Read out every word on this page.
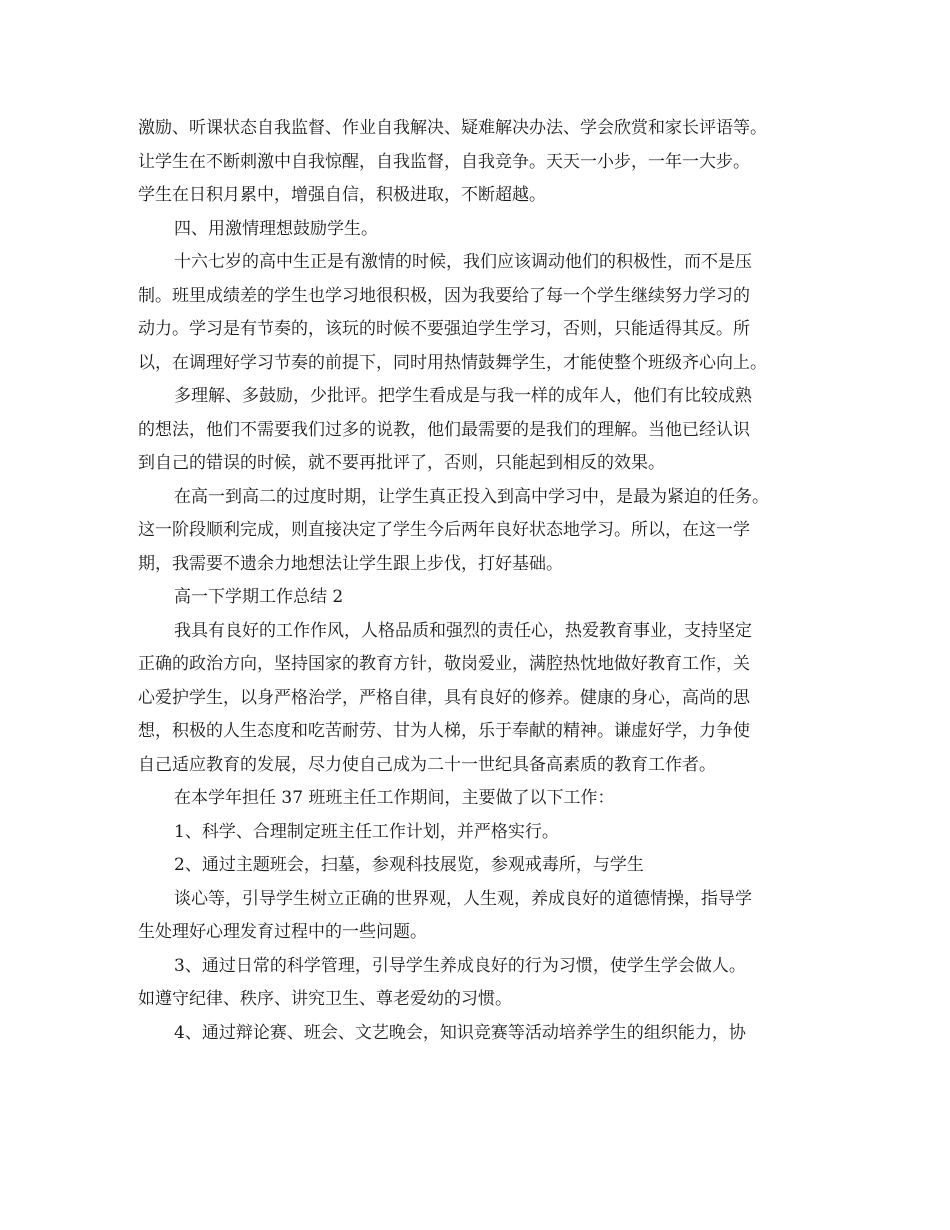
激励、听课状态自我监督、作业自我解决、疑难解决办法、学会欣赏和家长评语等。
让学生在不断刺激中自我惊醒，自我监督，自我竞争。天天一小步，一年一大步。
学生在日积月累中，增强自信，积极进取，不断超越。
四、用激情理想鼓励学生。
十六七岁的高中生正是有激情的时候，我们应该调动他们的积极性，而不是压
制。班里成绩差的学生也学习地很积极，因为我要给了每一个学生继续努力学习的
动力。学习是有节奏的，该玩的时候不要强迫学生学习，否则，只能适得其反。所
以，在调理好学习节奏的前提下，同时用热情鼓舞学生，才能使整个班级齐心向上。
多理解、多鼓励，少批评。把学生看成是与我一样的成年人，他们有比较成熟
的想法，他们不需要我们过多的说教，他们最需要的是我们的理解。当他已经认识
到自己的错误的时候，就不要再批评了，否则，只能起到相反的效果。
在高一到高二的过度时期，让学生真正投入到高中学习中，是最为紧迫的任务。
这一阶段顺利完成，则直接决定了学生今后两年良好状态地学习。所以，在这一学
期，我需要不遗余力地想法让学生跟上步伐，打好基础。
高一下学期工作总结 2
我具有良好的工作作风，人格品质和强烈的责任心，热爱教育事业，支持坚定
正确的政治方向，坚持国家的教育方针，敬岗爱业，满腔热忱地做好教育工作，关
心爱护学生，以身严格治学，严格自律，具有良好的修养。健康的身心，高尚的思
想，积极的人生态度和吃苦耐劳、甘为人梯，乐于奉献的精神。谦虚好学，力争使
自己适应教育的发展，尽力使自己成为二十一世纪具备高素质的教育工作者。
在本学年担任 37 班班主任工作期间，主要做了以下工作：
1、科学、合理制定班主任工作计划，并严格实行。
2、通过主题班会，扫墓，参观科技展览，参观戒毒所，与学生
谈心等，引导学生树立正确的世界观，人生观，养成良好的道德情操，指导学
生处理好心理发育过程中的一些问题。
3、通过日常的科学管理，引导学生养成良好的行为习惯，使学生学会做人。
如遵守纪律、秩序、讲究卫生、尊老爱幼的习惯。
4、通过辩论赛、班会、文艺晚会，知识竞赛等活动培养学生的组织能力，协
